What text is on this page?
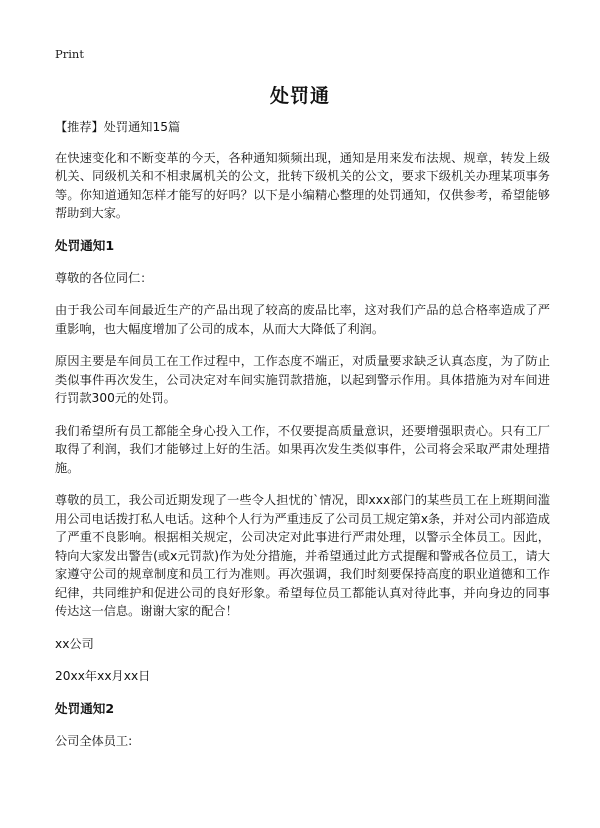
Print
处罚通

【推荐】处罚通知15篇

在快速变化和不断变革的今天，各种通知频频出现，通知是用来发布法规、规章，转发上级机关、同级机关和不相隶属机关的公文，批转下级机关的公文，要求下级机关办理某项事务等。你知道通知怎样才能写的好吗？以下是小编精心整理的处罚通知，仅供参考，希望能够帮助到大家。

处罚通知1

尊敬的各位同仁：

由于我公司车间最近生产的产品出现了较高的废品比率，这对我们产品的总合格率造成了严重影响，也大幅度增加了公司的成本，从而大大降低了利润。

原因主要是车间员工在工作过程中，工作态度不端正，对质量要求缺乏认真态度，为了防止类似事件再次发生，公司决定对车间实施罚款措施，以起到警示作用。具体措施为对车间进行罚款300元的处罚。

我们希望所有员工都能全身心投入工作，不仅要提高质量意识，还要增强职责心。只有工厂取得了利润，我们才能够过上好的生活。如果再次发生类似事件，公司将会采取严肃处理措施。

尊敬的员工，我公司近期发现了一些令人担忧的`情况，即xxx部门的某些员工在上班期间滥用公司电话拨打私人电话。这种个人行为严重违反了公司员工规定第x条，并对公司内部造成了严重不良影响。根据相关规定，公司决定对此事进行严肃处理，以警示全体员工。因此，特向大家发出警告(或x元罚款)作为处分措施，并希望通过此方式提醒和警戒各位员工，请大家遵守公司的规章制度和员工行为准则。再次强调，我们时刻要保持高度的职业道德和工作纪律，共同维护和促进公司的良好形象。希望每位员工都能认真对待此事，并向身边的同事传达这一信息。谢谢大家的配合！

xx公司

20xx年xx月xx日

处罚通知2

公司全体员工:
